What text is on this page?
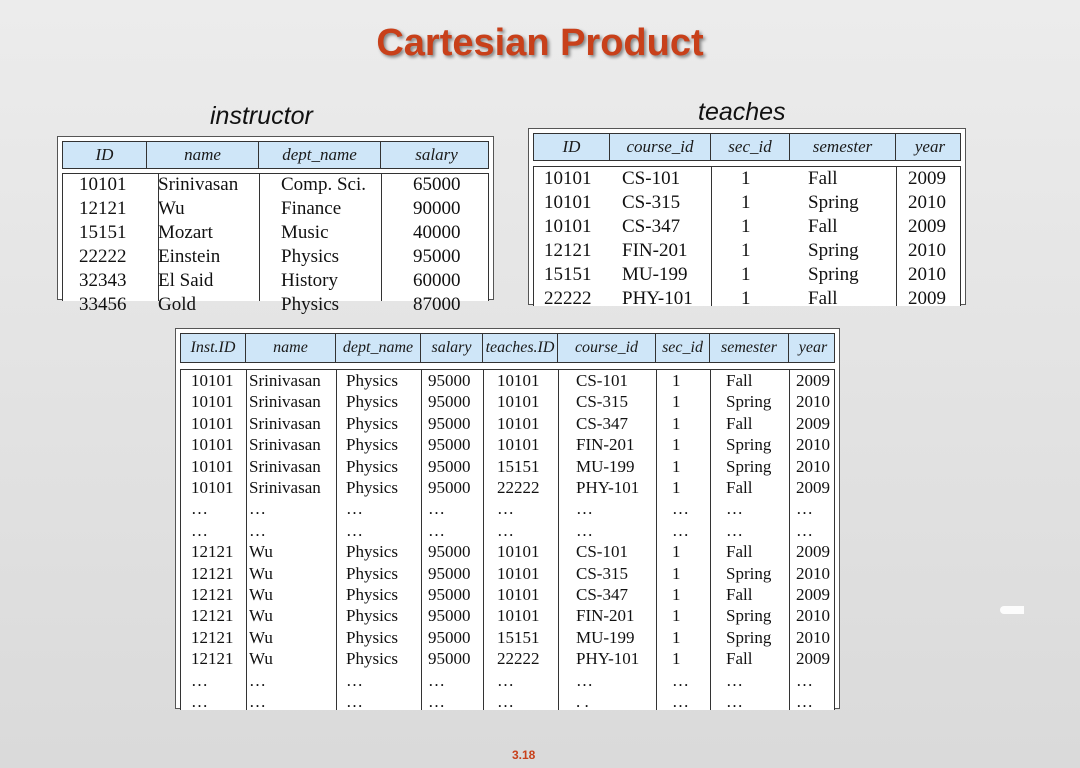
Cartesian Product
instructor	teaches
ID	name	dept_name	salary
10101 Srinivasan Comp. Sci. 65000
12121 Wu	Finance	90000
15151 Mozart	Music	40000
22222 Einstein	Physics	95000
32343 El Said	History	60000
33456 Gold	Physics	87000
ID	course_id	sec_id	semester	year
10101 CS-101	1	Fall	2009
10101 CS-315	1	Spring	2010
10101 CS-347	1	Fall	2009
12121 FIN-201	1	Spring	2010
15151 MU-199	1	Spring	2010
22222 PHY-101	1	Fall	2009
Inst.ID	name	dept_name	salary teaches.ID	course_id	sec_id	semester	year
10101 Srinivasan Physics 95000 10101 CS-101	1	Fall	2009
10101 Srinivasan Physics 95000 10101 CS-315	1	Spring 2010
10101 Srinivasan Physics 95000 10101 CS-347	1	Fall	2009
10101 Srinivasan Physics 95000 10101 FIN-201 1	Spring 2010
10101 Srinivasan Physics 95000 15151 MU-199 1	Spring 2010
10101 Srinivasan Physics 95000 22222 PHY-101 1	Fall	2009
… …	…	…	…	…	… …	…
… …	…	…	…	…	… …	…
12121 Wu	Physics 95000 10101 CS-101	1	Fall	2009
12121 Wu	Physics 95000 10101 CS-315	1	Spring 2010
12121 Wu	Physics 95000 10101 CS-347	1	Fall	2009
12121 Wu	Physics 95000 10101 FIN-201 1	Spring 2010
12121 Wu	Physics 95000 15151 MU-199 1	Spring 2010
12121 Wu	Physics 95000 22222 PHY-101 1	Fall	2009
… …	…	…	…	…	… …	…
… …	…	…	…	. .	… …	…
3.18
